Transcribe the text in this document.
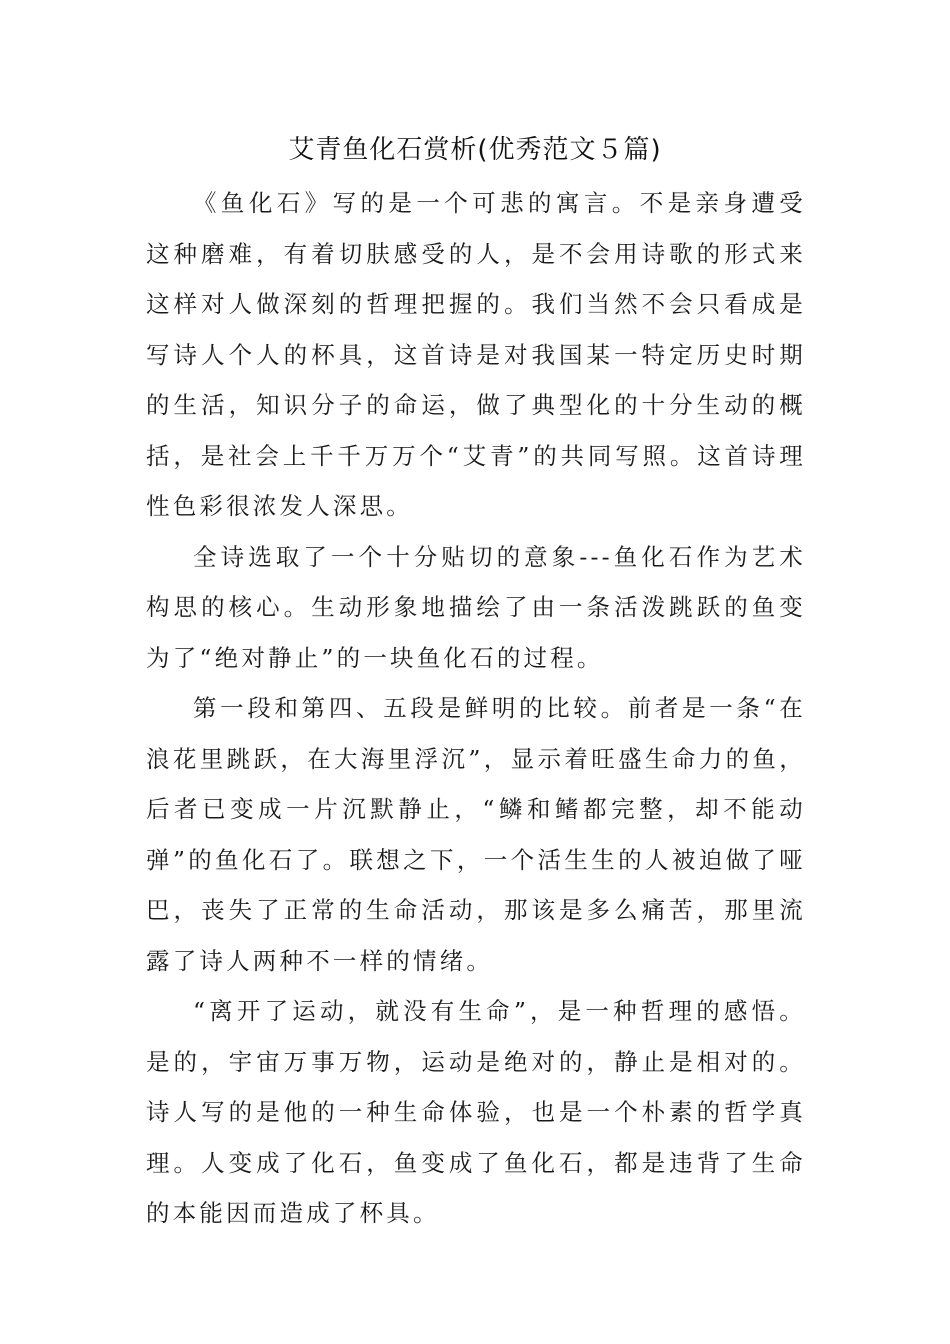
艾青鱼化石赏析(优秀范文５篇)

《鱼化石》写的是一个可悲的寓言。不是亲身遭受这种磨难，有着切肤感受的人，是不会用诗歌的形式来这样对人做深刻的哲理把握的。我们当然不会只看成是写诗人个人的杯具，这首诗是对我国某一特定历史时期的生活，知识分子的命运，做了典型化的十分生动的概括，是社会上千千万万个“艾青”的共同写照。这首诗理性色彩很浓发人深思。

全诗选取了一个十分贴切的意象---鱼化石作为艺术构思的核心。生动形象地描绘了由一条活泼跳跃的鱼变为了“绝对静止”的一块鱼化石的过程。

第一段和第四、五段是鲜明的比较。前者是一条“在浪花里跳跃，在大海里浮沉”，显示着旺盛生命力的鱼，后者已变成一片沉默静止，“鳞和鳍都完整，却不能动弹”的鱼化石了。联想之下，一个活生生的人被迫做了哑巴，丧失了正常的生命活动，那该是多么痛苦，那里流露了诗人两种不一样的情绪。

“离开了运动，就没有生命”，是一种哲理的感悟。是的，宇宙万事万物，运动是绝对的，静止是相对的。诗人写的是他的一种生命体验，也是一个朴素的哲学真理。人变成了化石，鱼变成了鱼化石，都是违背了生命的本能因而造成了杯具。
